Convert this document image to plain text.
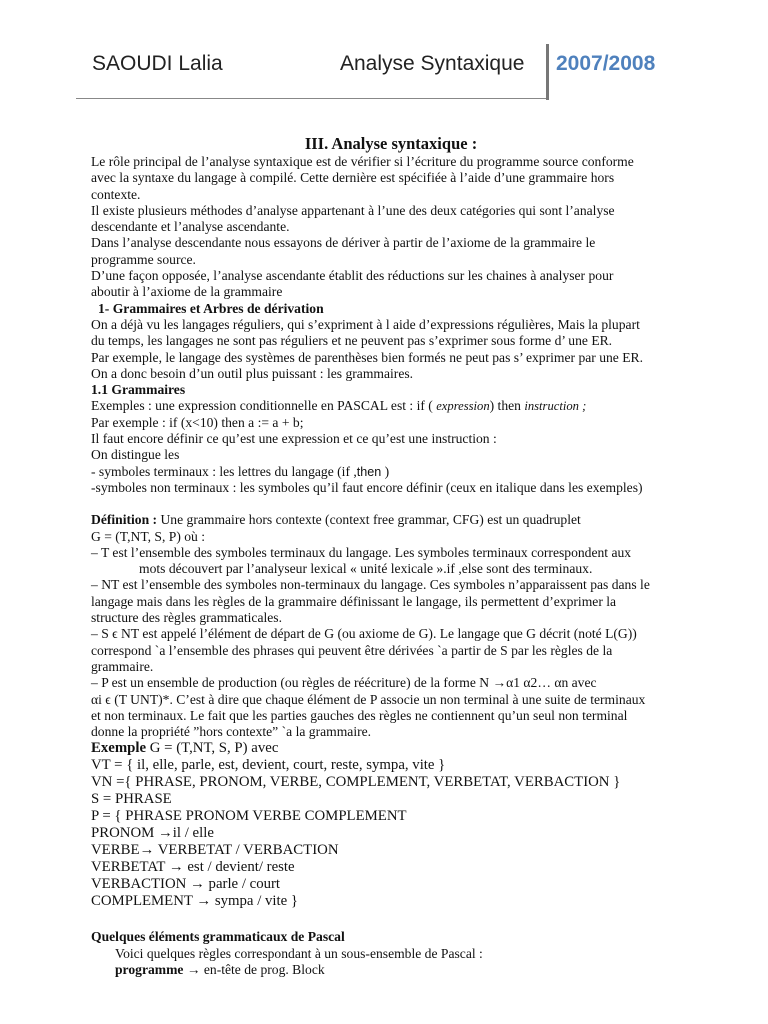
SAOUDI Lalia	Analyse Syntaxique 2007/2008

III. Analyse syntaxique :

Le rôle principal de l’analyse syntaxique est de vérifier si l’écriture du programme source conforme

avec la syntaxe du langage à compilé. Cette dernière est spécifiée à l’aide d’une grammaire hors

contexte.

Il existe plusieurs méthodes d’analyse appartenant à l’une des deux catégories qui sont l’analyse

descendante et l’analyse ascendante.

Dans l’analyse descendante nous essayons de dériver à partir de l’axiome de la grammaire le

programme source.

D’une façon opposée, l’analyse ascendante établit des réductions sur les chaines à analyser pour

aboutir à l’axiome de la grammaire

1- Grammaires et Arbres de dérivation

On a déjà vu les langages réguliers, qui s’expriment à l aide d’expressions régulières, Mais la plupart

du temps, les langages ne sont pas réguliers et ne peuvent pas s’exprimer sous forme d’ une ER.

Par exemple, le langage des systèmes de parenthèses bien formés ne peut pas s’ exprimer par une ER.

On a donc besoin d’un outil plus puissant : les grammaires.

1.1 Grammaires

Exemples : une expression conditionnelle en PASCAL est : if ( expression) then instruction ;

Par exemple : if (x<10) then a := a + b;

Il faut encore définir ce qu’est une expression et ce qu’est une instruction :

On distingue les

- symboles terminaux : les lettres du langage (if ,then )

-symboles non terminaux : les symboles qu’il faut encore définir (ceux en italique dans les exemples)

Définition : Une grammaire hors contexte (context free grammar, CFG) est un quadruplet

G = (T,NT, S, P) où :

– T est l’ensemble des symboles terminaux du langage. Les symboles terminaux correspondent aux

mots découvert par l’analyseur lexical « unité lexicale ».if ,else sont des terminaux.

– NT est l’ensemble des symboles non-terminaux du langage. Ces symboles n’apparaissent pas dans le

langage mais dans les règles de la grammaire définissant le langage, ils permettent d’exprimer la

structure des règles grammaticales.

– S ϵ NT est appelé l’élément de départ de G (ou axiome de G). Le langage que G décrit (noté L(G))

correspond `a l’ensemble des phrases qui peuvent être dérivées `a partir de S par les règles de la

grammaire.

– P est un ensemble de production (ou règles de réécriture) de la forme N →α1 α2… αn avec

αi ϵ (T UNT)*. C’est à dire que chaque élément de P associe un non terminal à une suite de terminaux

et non terminaux. Le fait que les parties gauches des règles ne contiennent qu’un seul non terminal

donne la propriété ”hors contexte” `a la grammaire.

Exemple G = (T,NT, S, P) avec

VT = { il, elle, parle, est, devient, court, reste, sympa, vite }

VN ={ PHRASE, PRONOM, VERBE, COMPLEMENT, VERBETAT, VERBACTION }

S = PHRASE

P = { PHRASE PRONOM VERBE COMPLEMENT

PRONOM →il / elle

VERBE→ VERBETAT / VERBACTION

VERBETAT → est / devient/ reste

VERBACTION → parle / court

COMPLEMENT → sympa / vite }

Quelques éléments grammaticaux de Pascal

Voici quelques règles correspondant à un sous-ensemble de Pascal :

programme → en-tête de prog. Block
